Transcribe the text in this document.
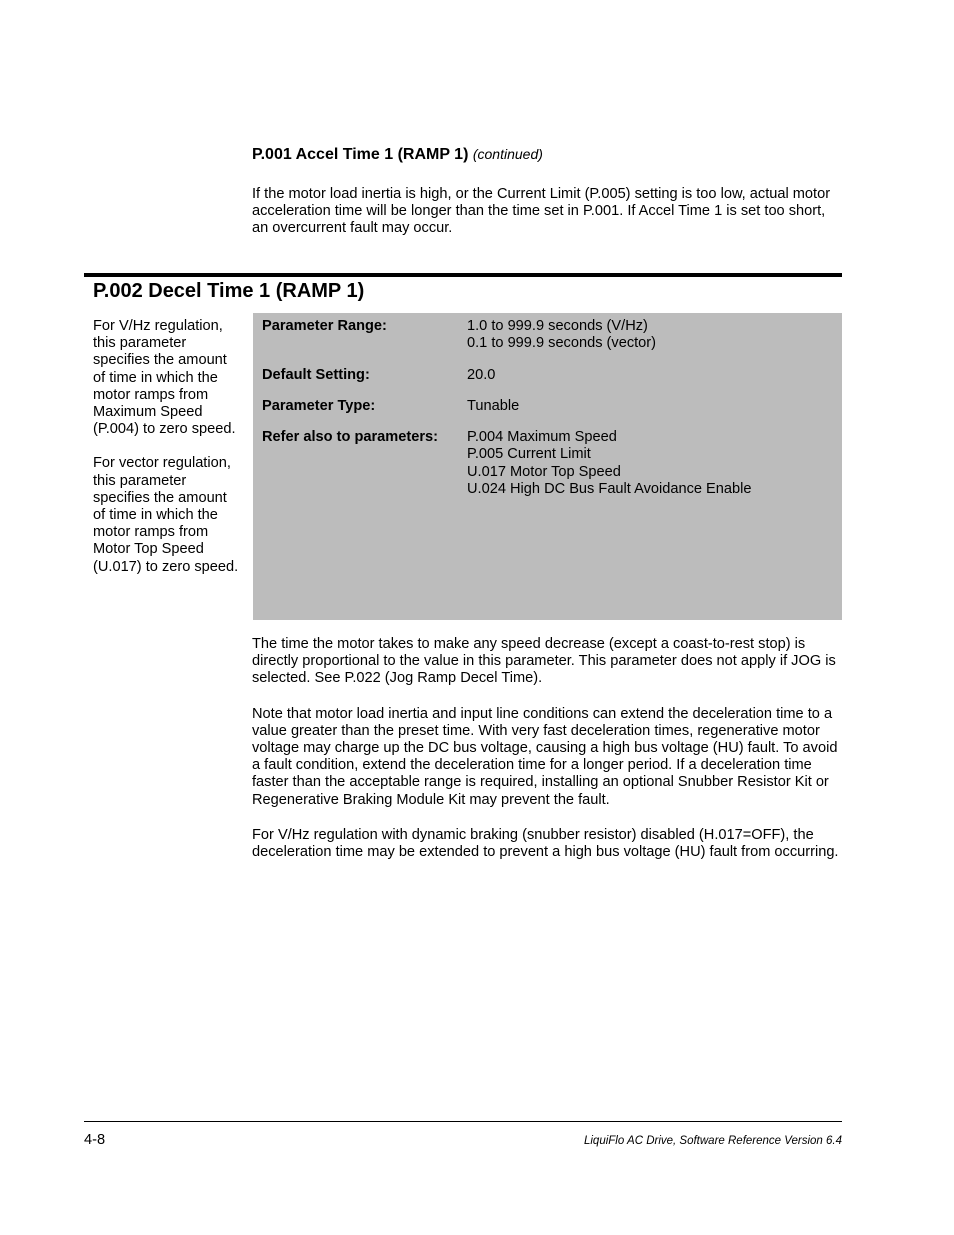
P.001 Accel Time 1 (RAMP 1) (continued)
If the motor load inertia is high, or the Current Limit (P.005) setting is too low, actual motor acceleration time will be longer than the time set in P.001. If Accel Time 1 is set too short, an overcurrent fault may occur.
P.002 Decel Time 1 (RAMP 1)

For V/Hz regulation, this parameter specifies the amount of time in which the motor ramps from Maximum Speed (P.004) to zero speed.

For vector regulation, this parameter specifies the amount of time in which the motor ramps from Motor Top Speed (U.017) to zero speed.

Parameter Range:	1.0 to 999.9 seconds (V/Hz)
0.1 to 999.9 seconds (vector)
Default Setting:	20.0
Parameter Type:	Tunable
Refer also to parameters:	P.004 Maximum Speed
P.005 Current Limit
U.017 Motor Top Speed
U.024 High DC Bus Fault Avoidance Enable

The time the motor takes to make any speed decrease (except a coast-to-rest stop) is directly proportional to the value in this parameter. This parameter does not apply if JOG is selected. See P.022 (Jog Ramp Decel Time).

Note that motor load inertia and input line conditions can extend the deceleration time to a value greater than the preset time. With very fast deceleration times, regenerative motor voltage may charge up the DC bus voltage, causing a high bus voltage (HU) fault. To avoid a fault condition, extend the deceleration time for a longer period. If a deceleration time faster than the acceptable range is required, installing an optional Snubber Resistor Kit or Regenerative Braking Module Kit may prevent the fault.

For V/Hz regulation with dynamic braking (snubber resistor) disabled (H.017=OFF), the deceleration time may be extended to prevent a high bus voltage (HU) fault from occurring.

4-8	LiquiFlo AC Drive, Software Reference Version 6.4
